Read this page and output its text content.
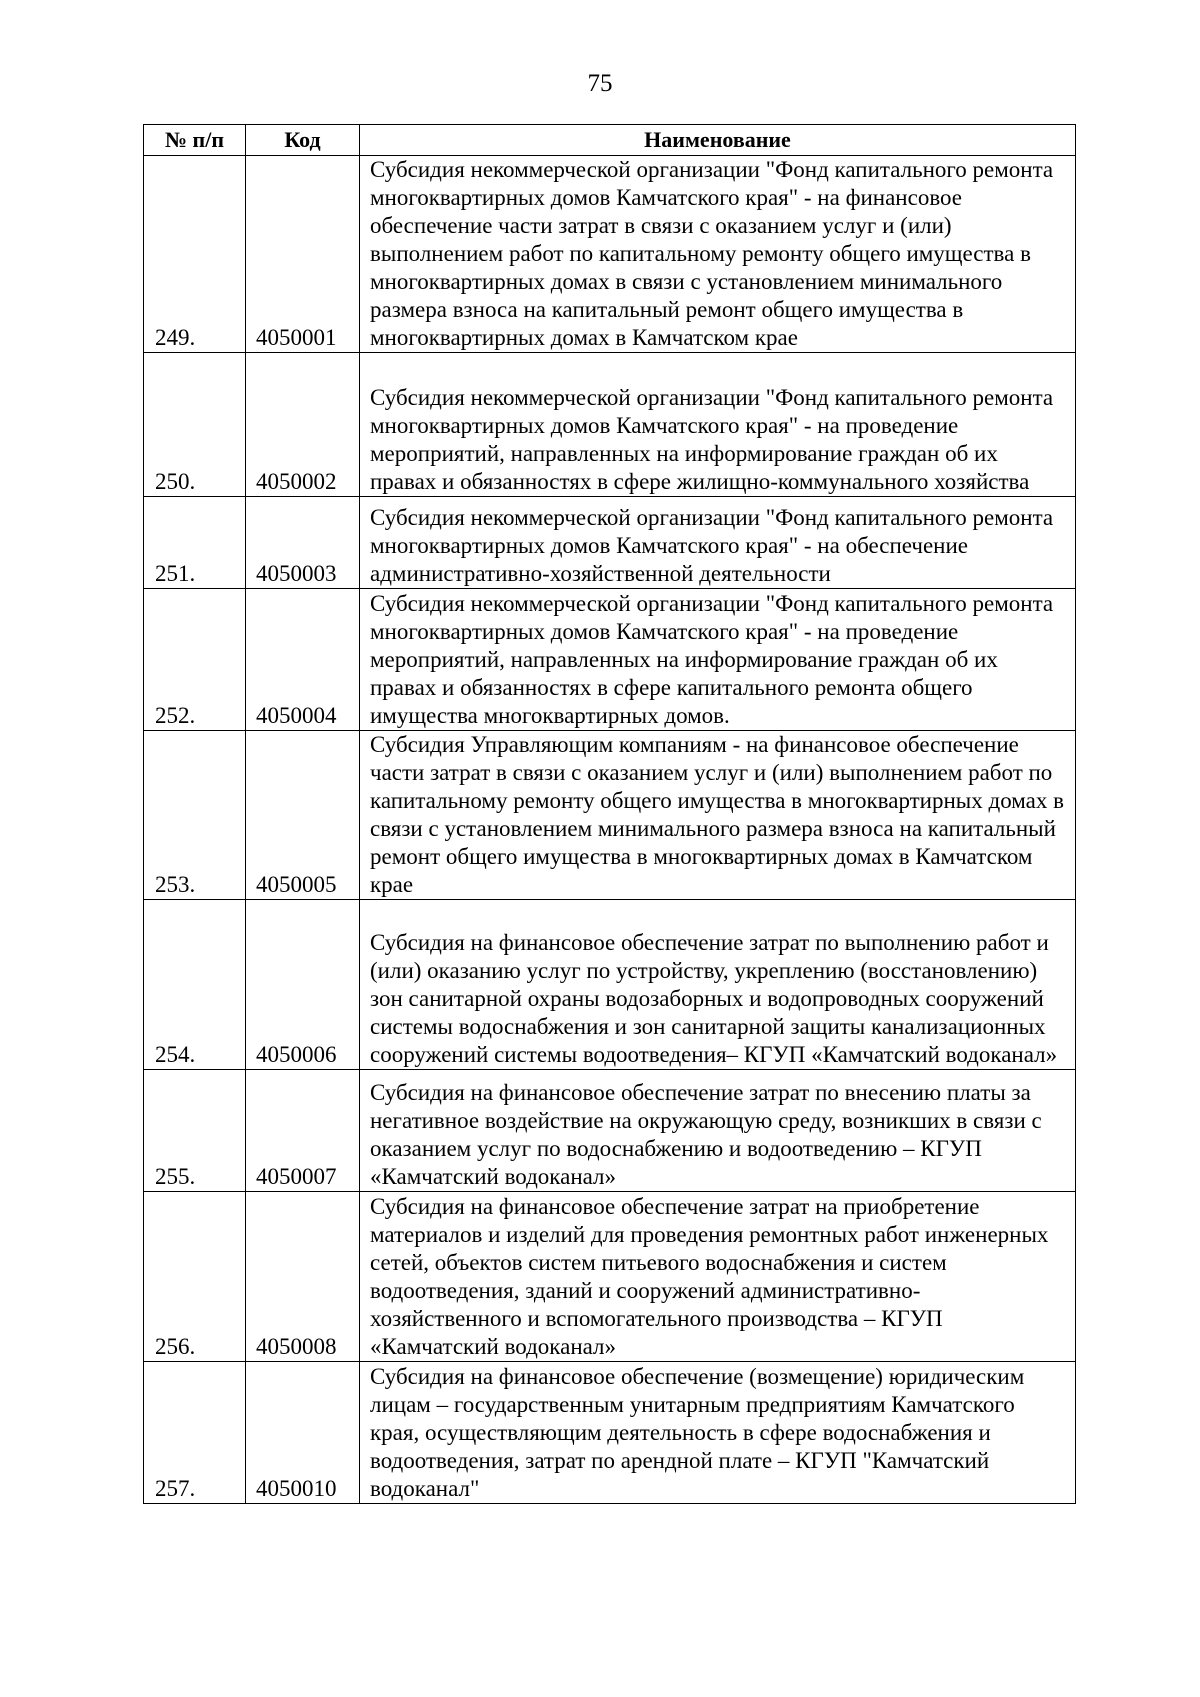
75
№ п/п	Код	Наименование
249.	4050001	Субсидия некоммерческой организации "Фонд капитального ремонта многоквартирных домов Камчатского края" - на финансовое обеспечение части затрат в связи с оказанием услуг и (или) выполнением работ по капитальному ремонту общего имущества в многоквартирных домах в связи с установлением минимального размера взноса на капитальный ремонт общего имущества в многоквартирных домах в Камчатском крае
250.	4050002	Субсидия некоммерческой организации "Фонд капитального ремонта многоквартирных домов Камчатского края" - на проведение мероприятий, направленных на информирование граждан об их правах и обязанностях в сфере жилищно-коммунального хозяйства
251.	4050003	Субсидия некоммерческой организации "Фонд капитального ремонта многоквартирных домов Камчатского края" - на обеспечение административно-хозяйственной деятельности
252.	4050004	Субсидия некоммерческой организации "Фонд капитального ремонта многоквартирных домов Камчатского края" - на проведение мероприятий, направленных на информирование граждан об их правах и обязанностях в сфере капитального ремонта общего имущества многоквартирных домов.
253.	4050005	Субсидия Управляющим компаниям - на финансовое обеспечение части затрат в связи с оказанием услуг и (или) выполнением работ по капитальному ремонту общего имущества в многоквартирных домах в связи с установлением минимального размера взноса на капитальный ремонт общего имущества в многоквартирных домах в Камчатском крае
254.	4050006	Субсидия на финансовое обеспечение затрат по выполнению работ и (или) оказанию услуг по устройству, укреплению (восстановлению) зон санитарной охраны водозаборных и водопроводных сооружений системы водоснабжения и зон санитарной защиты канализационных сооружений системы водоотведения– КГУП «Камчатский водоканал»
255.	4050007	Субсидия на финансовое обеспечение затрат по внесению платы за негативное воздействие на окружающую среду, возникших в связи с оказанием услуг по водоснабжению и водоотведению – КГУП «Камчатский водоканал»
256.	4050008	Субсидия на финансовое обеспечение затрат на приобретение материалов и изделий для проведения ремонтных работ инженерных сетей, объектов систем питьевого водоснабжения и систем водоотведения, зданий и сооружений административно-хозяйственного и вспомогательного производства – КГУП «Камчатский водоканал»
257.	4050010	Субсидия на финансовое обеспечение (возмещение) юридическим лицам – государственным унитарным предприятиям Камчатского края, осуществляющим деятельность в сфере водоснабжения и водоотведения, затрат по арендной плате – КГУП "Камчатский водоканал"
